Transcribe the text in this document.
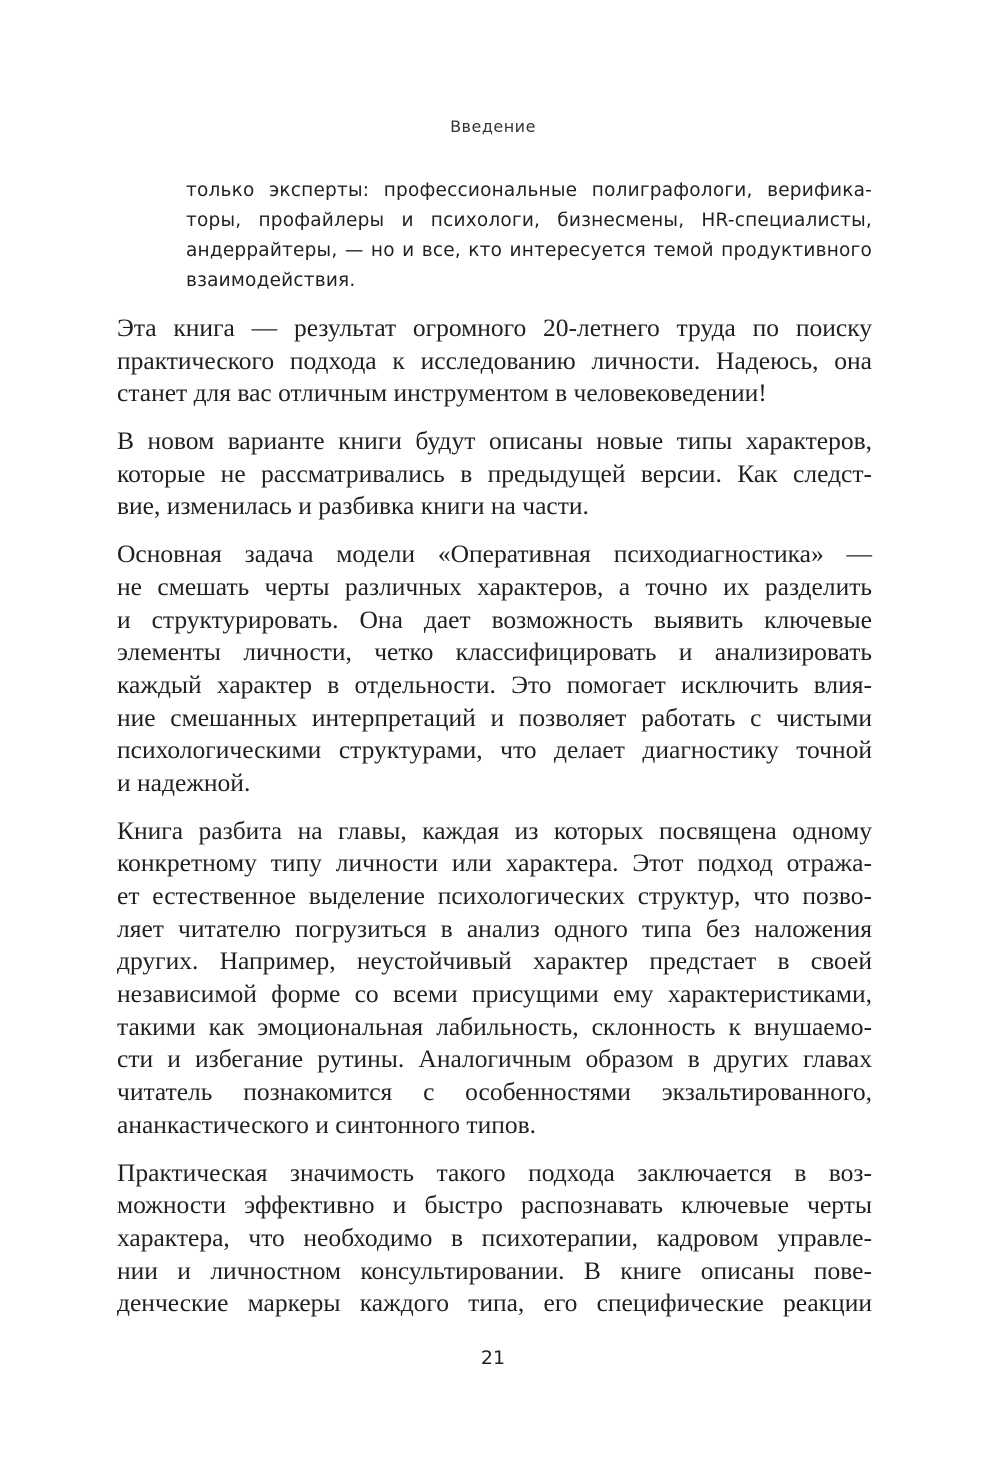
Введение
только эксперты: профессиональные полиграфологи, верифика-
торы, профайлеры и психологи, бизнесмены, HR-специалисты,
андеррайтеры, — но и все, кто интересуется темой продуктивного
взаимодействия.
Эта книга — результат огромного 20-летнего труда по поиску
практического подхода к исследованию личности. Надеюсь, она
станет для вас отличным инструментом в человековедении!
В новом варианте книги будут описаны новые типы характеров,
которые не рассматривались в предыдущей версии. Как следст-
вие, изменилась и разбивка книги на части.
Основная задача модели «Оперативная психодиагностика» —
не смешать черты различных характеров, а точно их разделить
и структурировать. Она дает возможность выявить ключевые
элементы личности, четко классифицировать и анализировать
каждый характер в отдельности. Это помогает исключить влия-
ние смешанных интерпретаций и позволяет работать с чистыми
психологическими структурами, что делает диагностику точной
и надежной.
Книга разбита на главы, каждая из которых посвящена одному
конкретному типу личности или характера. Этот подход отража-
ет естественное выделение психологических структур, что позво-
ляет читателю погрузиться в анализ одного типа без наложения
других. Например, неустойчивый характер предстает в своей
независимой форме со всеми присущими ему характеристиками,
такими как эмоциональная лабильность, склонность к внушаемо-
сти и избегание рутины. Аналогичным образом в других главах
читатель познакомится с особенностями экзальтированного,
ананкастического и синтонного типов.
Практическая значимость такого подхода заключается в воз-
можности эффективно и быстро распознавать ключевые черты
характера, что необходимо в психотерапии, кадровом управле-
нии и личностном консультировании. В книге описаны пове-
денческие маркеры каждого типа, его специфические реакции
21
